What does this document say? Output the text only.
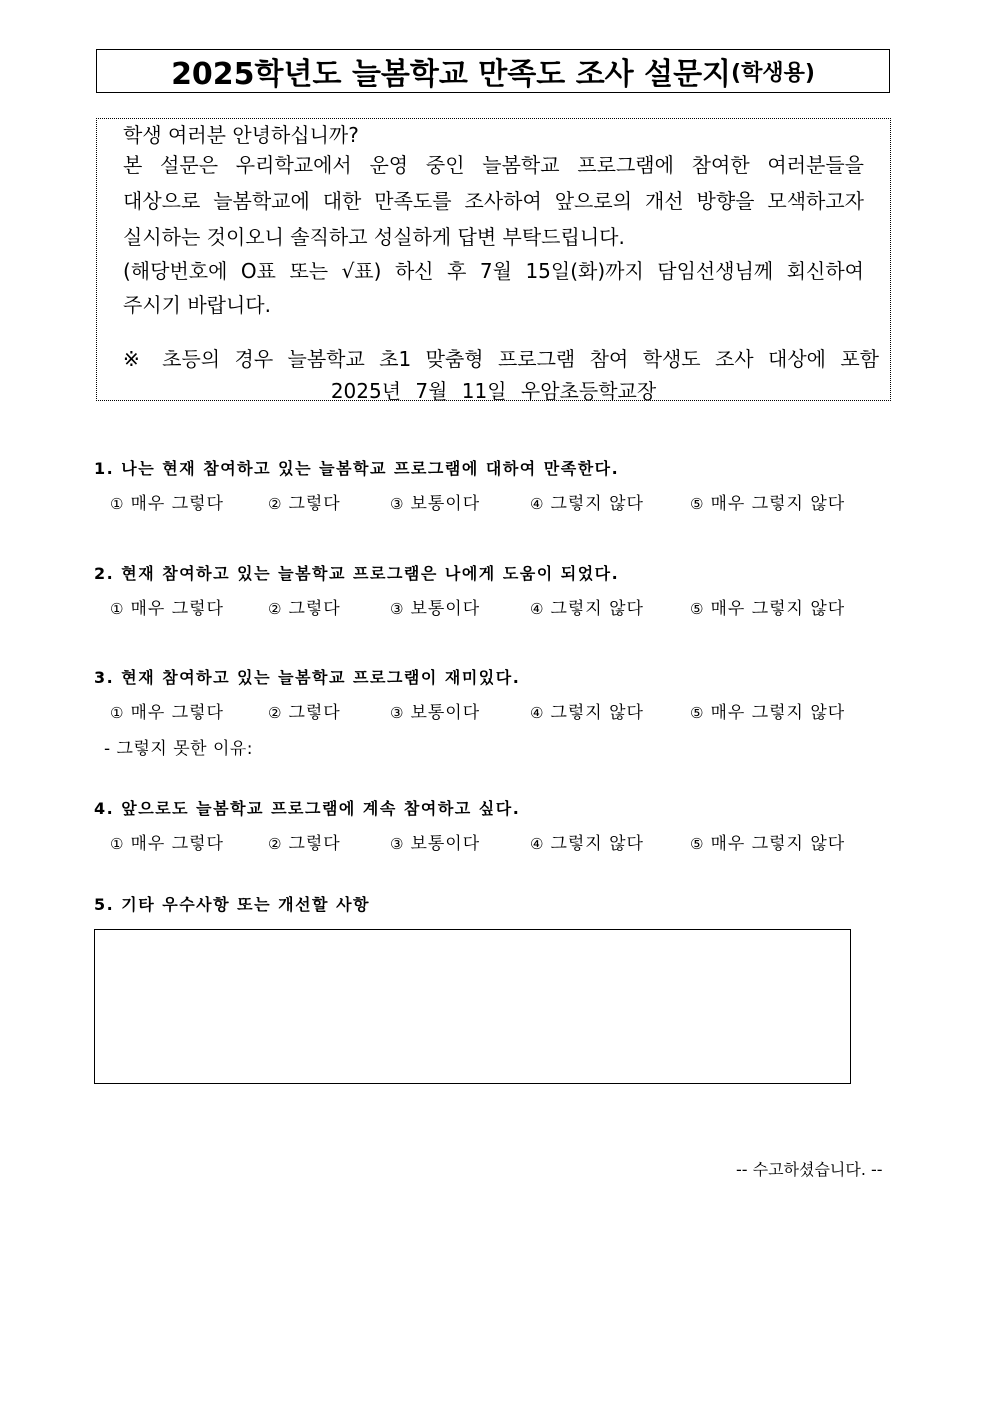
2025학년도 늘봄학교 만족도 조사 설문지 (학생용)
학생 여러분 안녕하십니까?
본 설문은 우리학교에서 운영 중인 늘봄학교 프로그램에 참여한 여러분들을
대상으로 늘봄학교에 대한 만족도를 조사하여 앞으로의 개선 방향을 모색하고자
실시하는 것이오니 솔직하고 성실하게 답변 부탁드립니다.
(해당번호에 O표 또는 √표) 하신 후 7월 15일(화)까지 담임선생님께 회신하여
주시기 바랍니다.
※ 초등의 경우 늘봄학교 초1 맞춤형 프로그램 참여 학생도 조사 대상에 포함
2025년 7월 11일 우암초등학교장
1. 나는 현재 참여하고 있는 늘봄학교 프로그램에 대하여 만족한다.
① 매우 그렇다	② 그렇다	③ 보통이다	④ 그렇지 않다	⑤ 매우 그렇지 않다
2. 현재 참여하고 있는 늘봄학교 프로그램은 나에게 도움이 되었다.
① 매우 그렇다	② 그렇다	③ 보통이다	④ 그렇지 않다	⑤ 매우 그렇지 않다
3. 현재 참여하고 있는 늘봄학교 프로그램이 재미있다.
① 매우 그렇다	② 그렇다	③ 보통이다	④ 그렇지 않다	⑤ 매우 그렇지 않다
- 그렇지 못한 이유:
4. 앞으로도 늘봄학교 프로그램에 계속 참여하고 싶다.
① 매우 그렇다	② 그렇다	③ 보통이다	④ 그렇지 않다	⑤ 매우 그렇지 않다
5. 기타 우수사항 또는 개선할 사항
-- 수고하셨습니다. --
